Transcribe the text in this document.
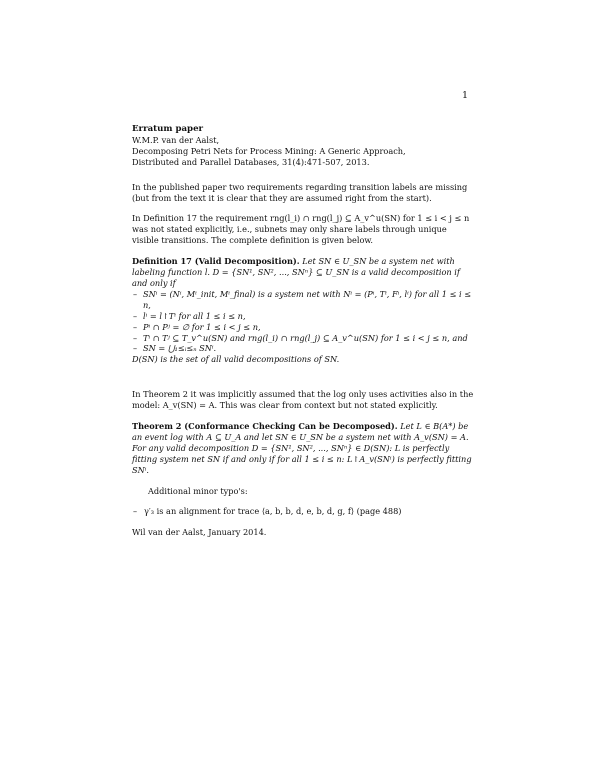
1

Erratum paper

W.M.P. van der Aalst,

Decomposing Petri Nets for Process Mining: A Generic Approach,

Distributed and Parallel Databases, 31(4):471-507, 2013.

In the published paper two requirements regarding transition labels are missing (but from the text it is clear that they are assumed right from the start).

In Definition 17 the requirement rng(l_i) ∩ rng(l_j) ⊆ A_v^u(SN) for 1 ≤ i < j ≤ n was not stated explicitly, i.e., subnets may only share labels through unique visible transitions. The complete definition is given below.

Definition 17 (Valid Decomposition). Let SN ∈ U_SN be a system net with labeling function l. D = {SN¹, SN², ..., SNⁿ} ⊆ U_SN is a valid decomposition if and only if

– SNⁱ = (Nⁱ, Mⁱ_init, Mⁱ_final) is a system net with Nⁱ = (Pⁱ, Tⁱ, Fⁱ, lⁱ) for all 1 ≤ i ≤ n,
– lⁱ = l↾Tⁱ for all 1 ≤ i ≤ n,
– Pⁱ ∩ Pʲ = ∅ for 1 ≤ i < j ≤ n,
– Tⁱ ∩ Tʲ ⊆ T_v^u(SN) and rng(l_i) ∩ rng(l_j) ⊆ A_v^u(SN) for 1 ≤ i < j ≤ n, and
– SN = ⋃₁≤ᵢ≤ₙ SNⁱ.

D(SN) is the set of all valid decompositions of SN.

In Theorem 2 it was implicitly assumed that the log only uses activities also in the model: A_v(SN) = A. This was clear from context but not stated explicitly.

Theorem 2 (Conformance Checking Can be Decomposed). Let L ∈ B(A*) be an event log with A ⊆ U_A and let SN ∈ U_SN be a system net with A_v(SN) = A. For any valid decomposition D = {SN¹, SN², ..., SNⁿ} ∈ D(SN): L is perfectly fitting system net SN if and only if for all 1 ≤ i ≤ n: L↾A_v(SNⁱ) is perfectly fitting SNⁱ.

Additional minor typo's:

– γ′₃ is an alignment for trace ⟨a, b, b, d, e, b, d, g, f⟩ (page 488)

Wil van der Aalst, January 2014.
